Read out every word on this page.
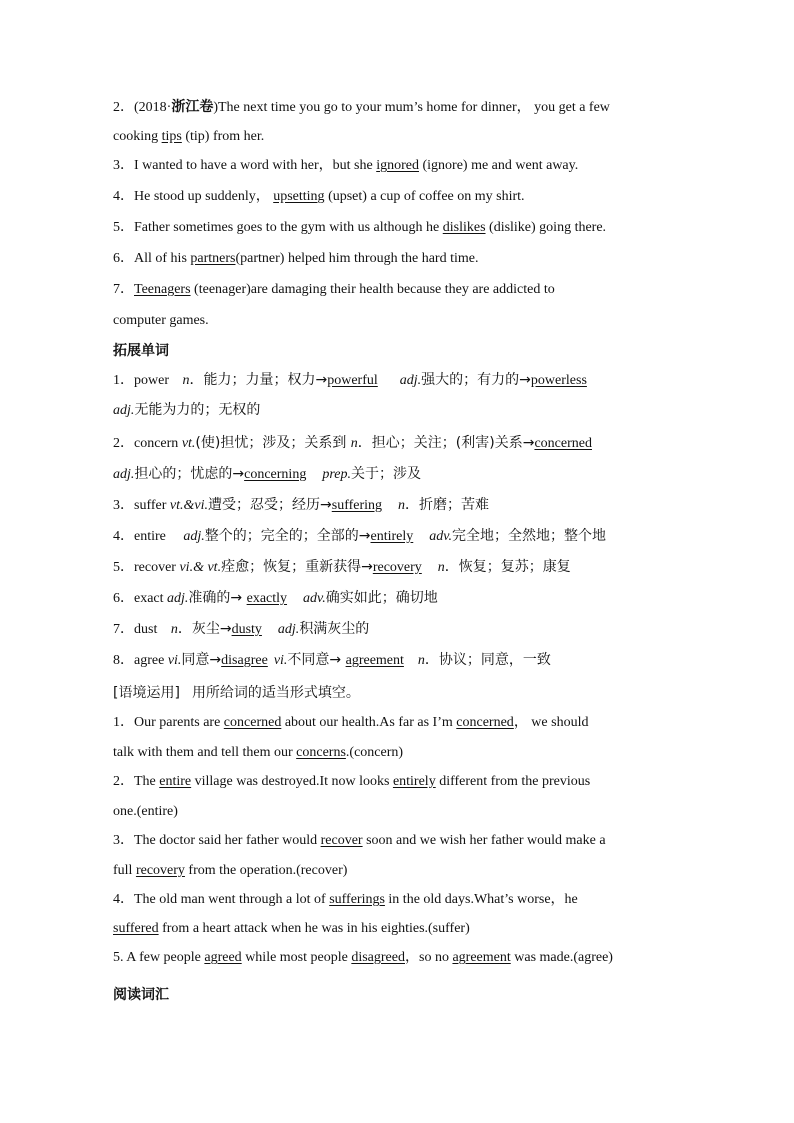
2．(2018·浙江卷)The next time you go to your mum’s home for dinner， you get a few
cooking tips (tip) from her.
3．I wanted to have a word with her，but she ignored (ignore) me and went away.
4．He stood up suddenly， upsetting (upset) a cup of coffee on my shirt.
5．Father sometimes goes to the gym with us although he dislikes (dislike) going there.
6．All of his partners(partner) helped him through the hard time.
7．Teenagers (teenager)are damaging their health because they are addicted to
computer games.
拓展单词
1．power n．能力；力量；权力→powerful adj.强大的；有力的→powerless
adj.无能为力的；无权的
2．concern vt.(使)担忧；涉及；关系到 n．担心；关注；(利害)关系→concerned
adj.担心的；忧虑的→concerning prep.关于；涉及
3．suffer vt.&vi.遭受；忍受；经历→suffering n．折磨；苦难
4．entire adj.整个的；完全的；全部的→entirely adv.完全地；全然地；整个地
5．recover vi.& vt.痊愈；恢复；重新获得→recovery n．恢复；复苏；康复
6．exact adj.准确的→ exactly adv.确实如此；确切地
7．dust n．灰尘→dusty adj.积满灰尘的
8．agree vi.同意→disagree vi.不同意→ agreement n．协议；同意，一致
[语境运用] 用所给词的适当形式填空。
1．Our parents are concerned about our health.As far as I’m concerned， we should
talk with them and tell them our concerns.(concern)
2．The entire village was destroyed.It now looks entirely different from the previous
one.(entire)
3．The doctor said her father would recover soon and we wish her father would make a
full recovery from the operation.(recover)
4．The old man went through a lot of sufferings in the old days.What’s worse，he
suffered from a heart attack when he was in his eighties.(suffer)
5. A few people agreed while most people disagreed，so no agreement was made.(agree)
阅读词汇
